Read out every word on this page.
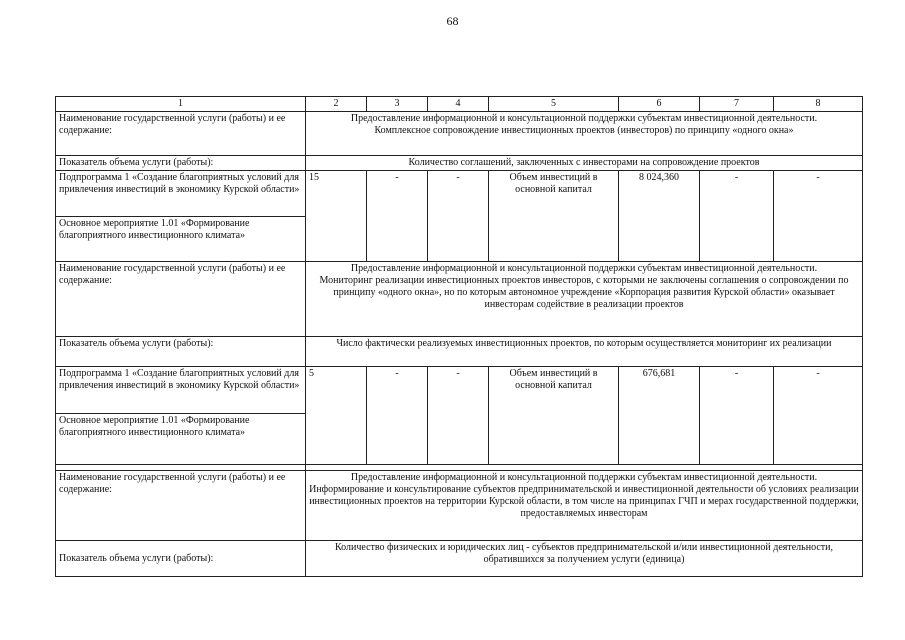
68
1	2	3	4	5	6	7	8
Наименование государственной услуги (работы) и ее содержание:	Предоставление информационной и консультационной поддержки субъектам инвестиционной деятельности.
Комплексное сопровождение инвестиционных проектов (инвесторов) по принципу «одного окна»						

Показатель объема услуги (работы):	Количество соглашений, заключенных с инвесторами на сопровождение проектов						
Подпрограмма 1 «Создание благоприятных условий для привлечения инвестиций в экономику Курской области»	15	-	-	Объем инвестиций в основной капитал	8 024,360	-	-
Основное мероприятие 1.01 «Формирование благоприятного инвестиционного климата»							
Наименование государственной услуги (работы) и ее содержание:	Предоставление информационной и консультационной поддержки субъектам инвестиционной деятельности.
Мониторинг реализации инвестиционных проектов инвесторов, с которыми не заключены соглашения о сопровождении по принципу «одного окна», но по которым автономное учреждение «Корпорация развития Курской области» оказывает инвесторам содействие в реализации проектов						

Показатель объема услуги (работы):	Число фактически реализуемых инвестиционных проектов, по которым осуществляется мониторинг их реализации						
Подпрограмма 1 «Создание благоприятных условий для привлечения инвестиций в экономику Курской области»	5	-	-	Объем инвестиций в основной капитал	676,681	-	-
Основное мероприятие 1.01 «Формирование благоприятного инвестиционного климата»							

Наименование государственной услуги (работы) и ее содержание:	Предоставление информационной и консультационной поддержки субъектам инвестиционной деятельности.
Информирование и консультирование субъектов предпринимательской и инвестиционной деятельности об условиях реализации инвестиционных проектов на территории Курской области, в том числе на принципах ГЧП и мерах государственной поддержки, предоставляемых инвесторам						

Показатель объема услуги (работы):	Количество физических и юридических лиц - субъектов предпринимательской и/или инвестиционной деятельности, обратившихся за получением услуги (единица)						
